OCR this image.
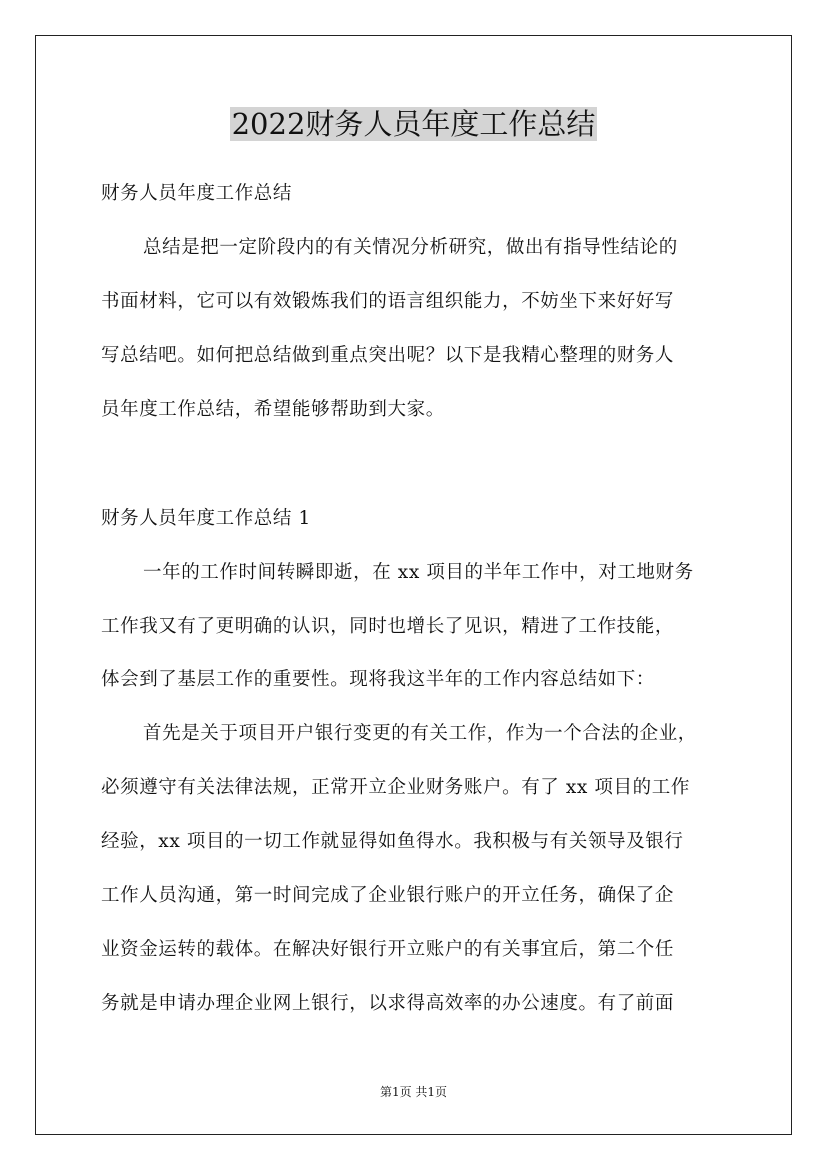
2022财务人员年度工作总结
财务人员年度工作总结
总结是把一定阶段内的有关情况分析研究，做出有指导性结论的
书面材料，它可以有效锻炼我们的语言组织能力，不妨坐下来好好写
写总结吧。如何把总结做到重点突出呢？以下是我精心整理的财务人
员年度工作总结，希望能够帮助到大家。
财务人员年度工作总结 1
一年的工作时间转瞬即逝，在 xx 项目的半年工作中，对工地财务
工作我又有了更明确的认识，同时也增长了见识，精进了工作技能，
体会到了基层工作的重要性。现将我这半年的工作内容总结如下：
首先是关于项目开户银行变更的有关工作，作为一个合法的企业，
必须遵守有关法律法规，正常开立企业财务账户。有了 xx 项目的工作
经验，xx 项目的一切工作就显得如鱼得水。我积极与有关领导及银行
工作人员沟通，第一时间完成了企业银行账户的开立任务，确保了企
业资金运转的载体。在解决好银行开立账户的有关事宜后，第二个任
务就是申请办理企业网上银行，以求得高效率的办公速度。有了前面
第1页 共1页
